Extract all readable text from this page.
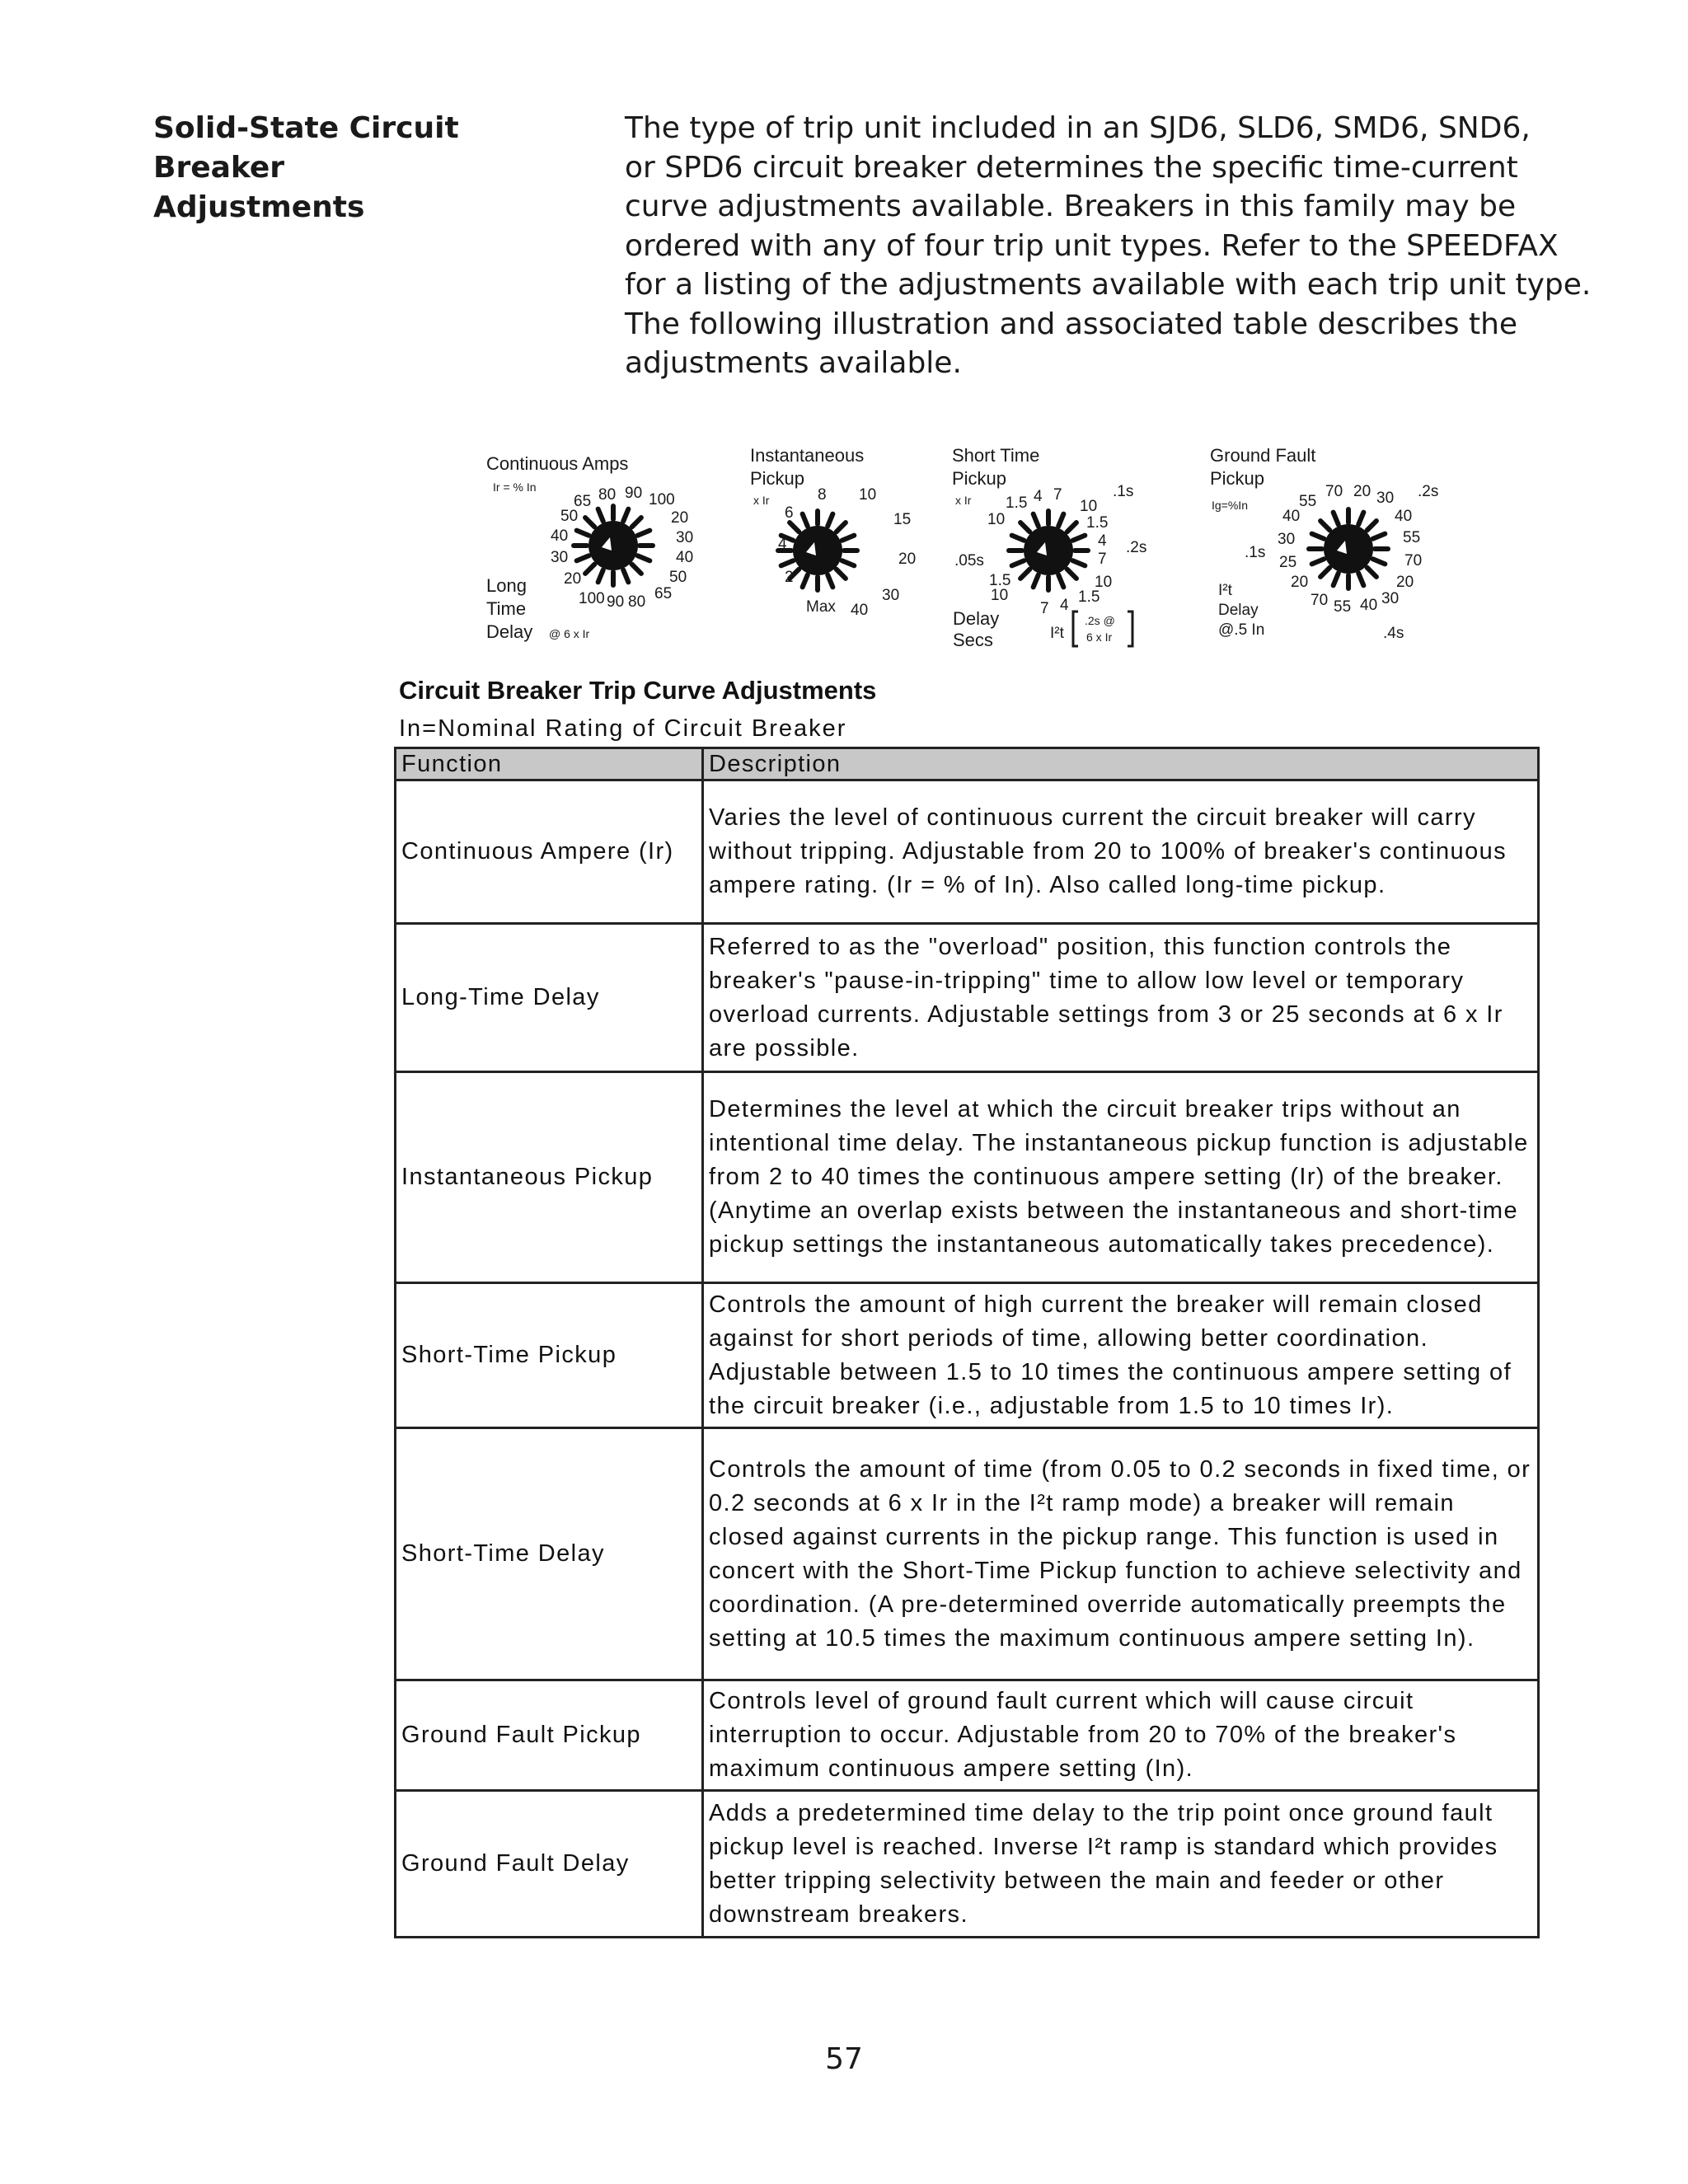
Solid-State Circuit Breaker
Adjustments
The type of trip unit included in an SJD6, SLD6, SMD6, SND6,
or SPD6 circuit breaker determines the specific time-current
curve adjustments available. Breakers in this family may be
ordered with any of four trip unit types. Refer to the SPEEDFAX
for a listing of the adjustments available with each trip unit type.
The following illustration and associated table describes the
adjustments available.
Continuous Amps
Ir = % In
65 80 90 100
50
40
30
20
20
30
40
50
65
80
90
100
Long
Time
Delay @ 6 x Ir
Instantaneous
Pickup
x Ir
6
8 10
15
20
30
40
Max
2
4
Short Time
Pickup
x Ir 1.5 4 7
10
10
7 4
1.5
10
1.5
4
7
10
1.5
.1s
.2s
.05s
Delay
Secs	I²t
.2s @
6 x Ir
Ground Fault
Pickup
Ig=%In	55
70 20
40
30
25
20
70 55 40
30
40
55
70
20
30
.2s
.1s
.4s
I²t
Delay
@.5 In
Circuit Breaker Trip Curve Adjustments
In=Nominal Rating of Circuit Breaker
Function	Description
Continuous Ampere (Ir)	Varies the level of continuous current the circuit breaker will carry without tripping. Adjustable from 20 to 100% of breaker's continuous ampere rating. (Ir = % of In). Also called long-time pickup.
Long-Time Delay	Referred to as the "overload" position, this function controls the breaker's "pause-in-tripping" time to allow low level or temporary overload currents. Adjustable settings from 3 or 25 seconds at 6 x Ir are possible.
Instantaneous Pickup	Determines the level at which the circuit breaker trips without an intentional time delay. The instantaneous pickup function is adjustable from 2 to 40 times the continuous ampere setting (Ir) of the breaker. (Anytime an overlap exists between the instantaneous and short-time pickup settings the instantaneous automatically takes precedence).
Short-Time Pickup	Controls the amount of high current the breaker will remain closed against for short periods of time, allowing better coordination. Adjustable between 1.5 to 10 times the continuous ampere setting of the circuit breaker (i.e., adjustable from 1.5 to 10 times Ir).
Short-Time Delay	Controls the amount of time (from 0.05 to 0.2 seconds in fixed time, or 0.2 seconds at 6 x Ir in the I²t ramp mode) a breaker will remain closed against currents in the pickup range. This function is used in concert with the Short-Time Pickup function to achieve selectivity and coordination. (A pre-determined override automatically preempts the setting at 10.5 times the maximum continuous ampere setting In).
Ground Fault Pickup	Controls level of ground fault current which will cause circuit interruption to occur. Adjustable from 20 to 70% of the breaker's maximum continuous ampere setting (In).
Ground Fault Delay	Adds a predetermined time delay to the trip point once ground fault pickup level is reached. Inverse I²t ramp is standard which provides better tripping selectivity between the main and feeder or other downstream breakers.
57
